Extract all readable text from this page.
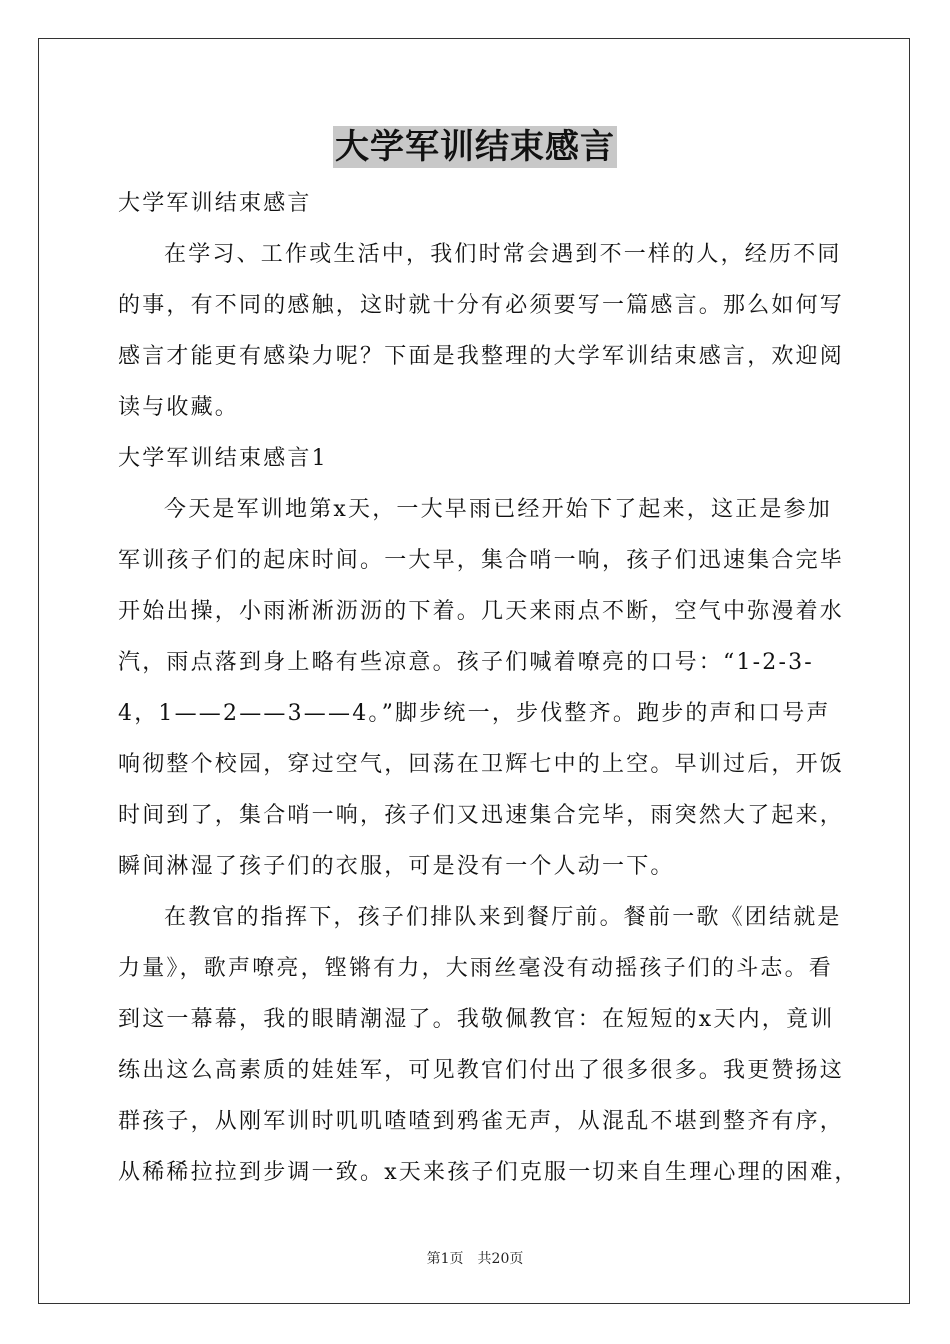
大学军训结束感言
大学军训结束感言
在学习、工作或生活中，我们时常会遇到不一样的人，经历不同
的事，有不同的感触，这时就十分有必须要写一篇感言。那么如何写
感言才能更有感染力呢？下面是我整理的大学军训结束感言，欢迎阅
读与收藏。
大学军训结束感言1
今天是军训地第x天，一大早雨已经开始下了起来，这正是参加
军训孩子们的起床时间。一大早，集合哨一响，孩子们迅速集合完毕
开始出操，小雨淅淅沥沥的下着。几天来雨点不断，空气中弥漫着水
汽，雨点落到身上略有些凉意。孩子们喊着嘹亮的口号：“1-2-3-
4，1——2——3——4。”脚步统一，步伐整齐。跑步的声和口号声
响彻整个校园，穿过空气，回荡在卫辉七中的上空。早训过后，开饭
时间到了，集合哨一响，孩子们又迅速集合完毕，雨突然大了起来，
瞬间淋湿了孩子们的衣服，可是没有一个人动一下。
在教官的指挥下，孩子们排队来到餐厅前。餐前一歌《团结就是
力量》，歌声嘹亮，铿锵有力，大雨丝毫没有动摇孩子们的斗志。看
到这一幕幕，我的眼睛潮湿了。我敬佩教官：在短短的x天内，竟训
练出这么高素质的娃娃军，可见教官们付出了很多很多。我更赞扬这
群孩子，从刚军训时叽叽喳喳到鸦雀无声，从混乱不堪到整齐有序，
从稀稀拉拉到步调一致。x天来孩子们克服一切来自生理心理的困难，
第1页　共20页
